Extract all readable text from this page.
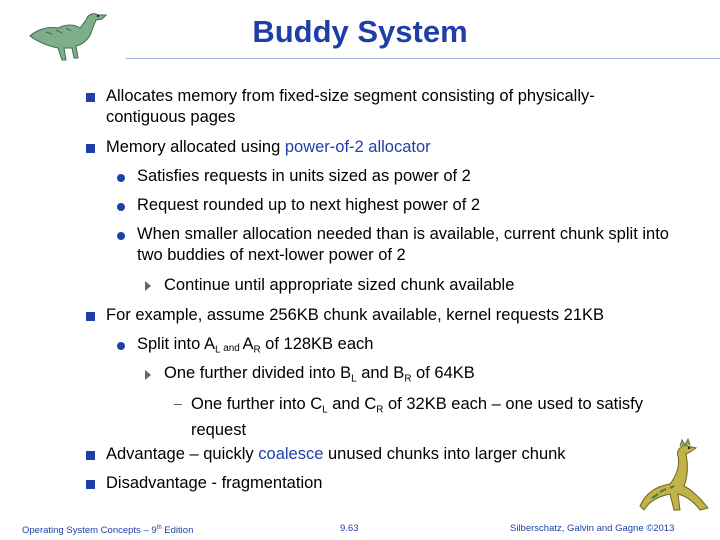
Buddy System
Allocates memory from fixed-size segment consisting of physically-contiguous pages
Memory allocated using power-of-2 allocator
Satisfies requests in units sized as power of 2
Request rounded up to next highest power of 2
When smaller allocation needed than is available, current chunk split into two buddies of next-lower power of 2
Continue until appropriate sized chunk available
For example, assume 256KB chunk available, kernel requests 21KB
Split into $A_L$ and $A_R$ of 128KB each
One further divided into $B_L$ and $B_R$ of 64KB
One further into $C_L$ and $C_R$ of 32KB each – one used to satisfy request
Advantage – quickly coalesce unused chunks into larger chunk
Disadvantage - fragmentation
Operating System Concepts – 9th Edition	9.63	Silberschatz, Galvin and Gagne ©2013
